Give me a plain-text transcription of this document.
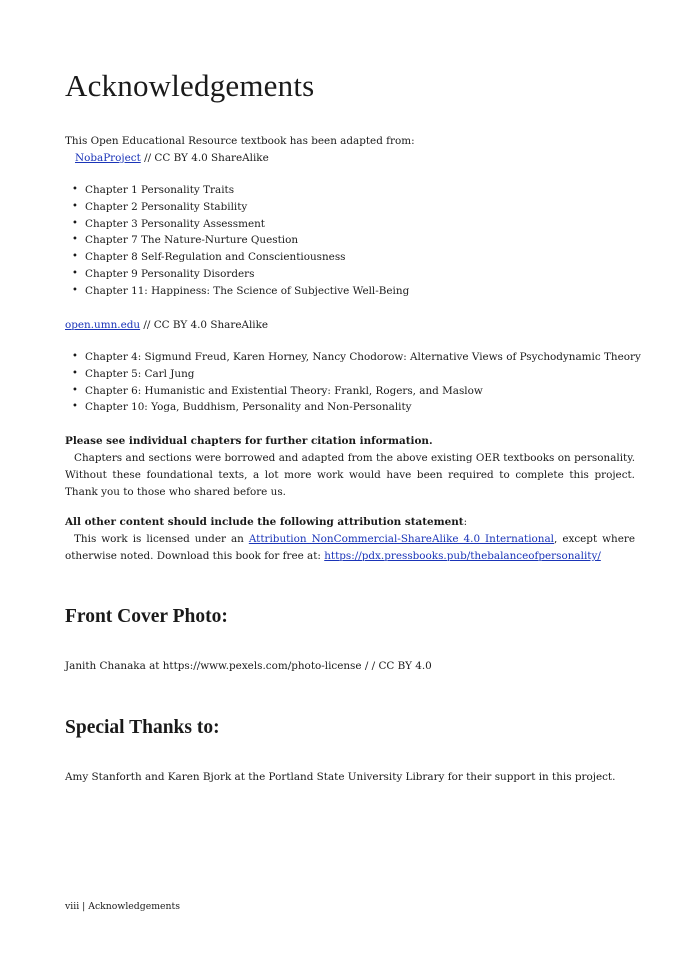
Acknowledgements
This Open Educational Resource textbook has been adapted from:
NobaProject // CC BY 4.0 ShareAlike
• Chapter 1 Personality Traits
• Chapter 2 Personality Stability
• Chapter 3 Personality Assessment
• Chapter 7 The Nature-Nurture Question
• Chapter 8 Self-Regulation and Conscientiousness
• Chapter 9 Personality Disorders
• Chapter 11: Happiness: The Science of Subjective Well-Being
open.umn.edu // CC BY 4.0 ShareAlike
• Chapter 4: Sigmund Freud, Karen Horney, Nancy Chodorow: Alternative Views of Psychodynamic Theory
• Chapter 5: Carl Jung
• Chapter 6: Humanistic and Existential Theory: Frankl, Rogers, and Maslow
• Chapter 10: Yoga, Buddhism, Personality and Non-Personality
Please see individual chapters for further citation information.
Chapters and sections were borrowed and adapted from the above existing OER textbooks on personality. Without these foundational texts, a lot more work would have been required to complete this project. Thank you to those who shared before us.
All other content should include the following attribution statement:
This work is licensed under an Attribution NonCommercial-ShareAlike 4.0 International, except where otherwise noted. Download this book for free at: https://pdx.pressbooks.pub/thebalanceofpersonality/
Front Cover Photo:
Janith Chanaka at https://www.pexels.com/photo-license / / CC BY 4.0
Special Thanks to:
Amy Stanforth and Karen Bjork at the Portland State University Library for their support in this project.
viii | Acknowledgements
